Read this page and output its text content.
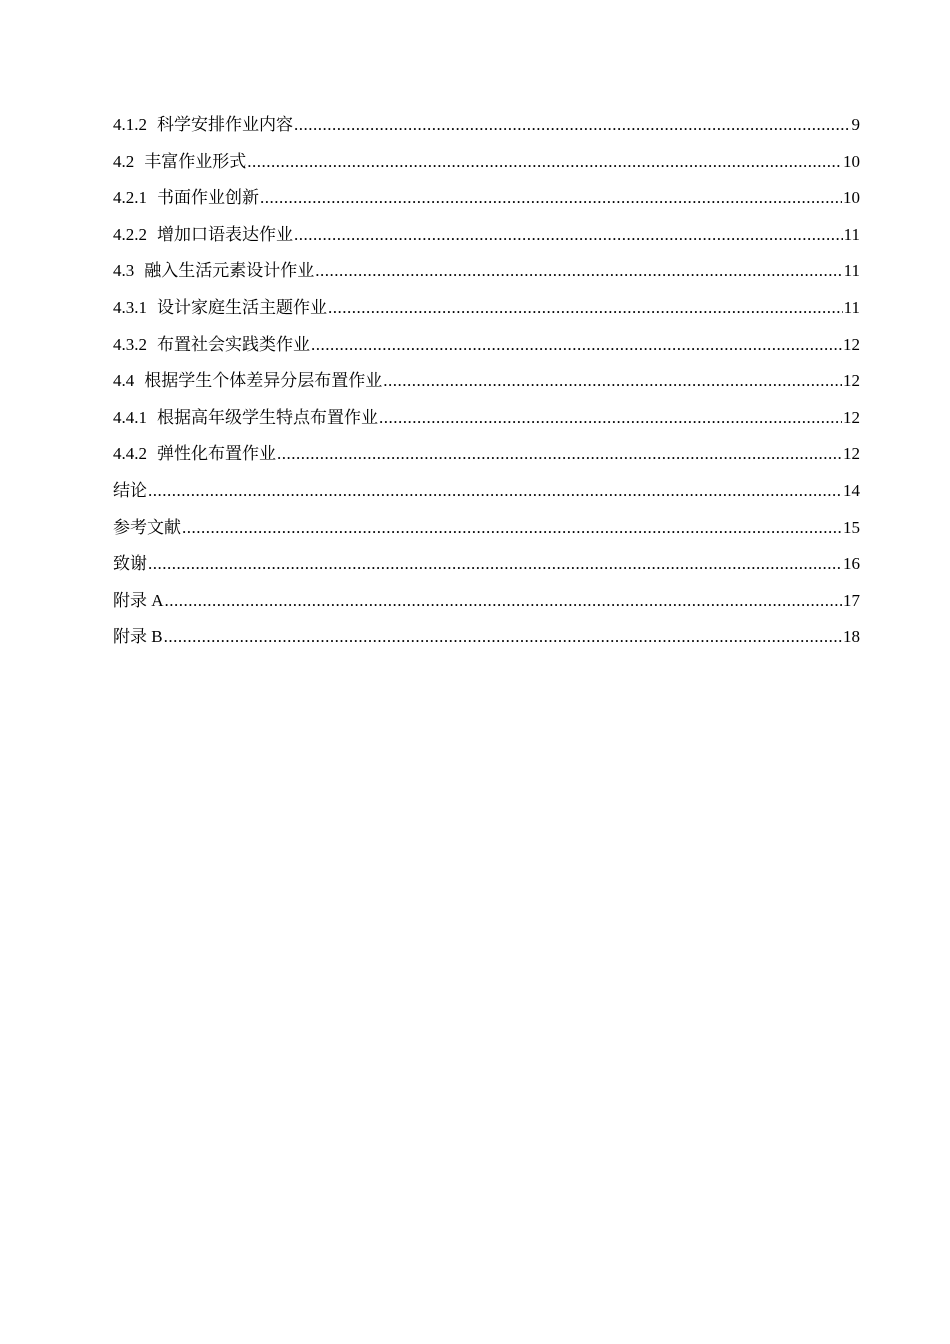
4.1.2 科学安排作业内容 .....	9
4.2 丰富作业形式 .....	10
4.2.1 书面作业创新 .....	10
4.2.2 增加口语表达作业 .....	11
4.3 融入生活元素设计作业 .....	11
4.3.1 设计家庭生活主题作业 .....	11
4.3.2 布置社会实践类作业 .....	12
4.4 根据学生个体差异分层布置作业 .....	12
4.4.1 根据高年级学生特点布置作业 .....	12
4.4.2 弹性化布置作业 .....	12
结论 .....	14
参考文献 .....	15
致谢 .....	16
附录 A .....	17
附录 B .....	18
